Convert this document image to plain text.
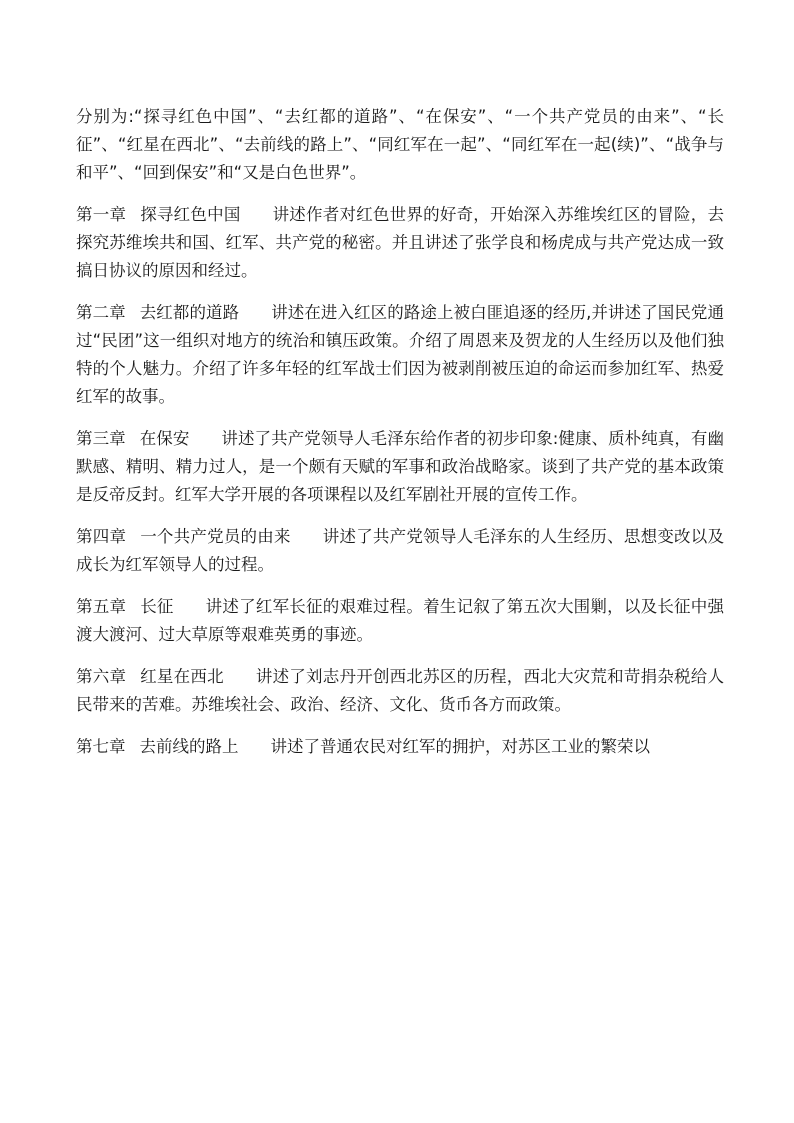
分别为:“探寻红色中国”、“去红都的道路”、“在保安”、“一个共产党员的由来”、“长征”、“红星在西北”、“去前线的路上”、“同红军在一起”、“同红军在一起(续)”、“战争与和平”、“回到保安”和“又是白色世界”。

第一章 探寻红色中国 讲述作者对红色世界的好奇，开始深入苏维埃红区的冒险，去探究苏维埃共和国、红军、共产党的秘密。并且讲述了张学良和杨虎成与共产党达成一致搞日协议的原因和经过。

第二章 去红都的道路 讲述在进入红区的路途上被白匪追逐的经历,并讲述了国民党通过“民团”这一组织对地方的统治和镇压政策。介绍了周恩来及贺龙的人生经历以及他们独特的个人魅力。介绍了许多年轻的红军战士们因为被剥削被压迫的命运而参加红军、热爱红军的故事。

第三章 在保安 讲述了共产党领导人毛泽东给作者的初步印象:健康、质朴纯真，有幽默感、精明、精力过人，是一个颇有天赋的军事和政治战略家。谈到了共产党的基本政策是反帝反封。红军大学开展的各项课程以及红军剧社开展的宣传工作。

第四章 一个共产党员的由来 讲述了共产党领导人毛泽东的人生经历、思想变改以及成长为红军领导人的过程。

第五章 长征 讲述了红军长征的艰难过程。着生记叙了第五次大围剿，以及长征中强渡大渡河、过大草原等艰难英勇的事迹。

第六章 红星在西北 讲述了刘志丹开创西北苏区的历程，西北大灾荒和苛捐杂税给人民带来的苦难。苏维埃社会、政治、经济、文化、货币各方而政策。

第七章 去前线的路上 讲述了普通农民对红军的拥护，对苏区工业的繁荣以
